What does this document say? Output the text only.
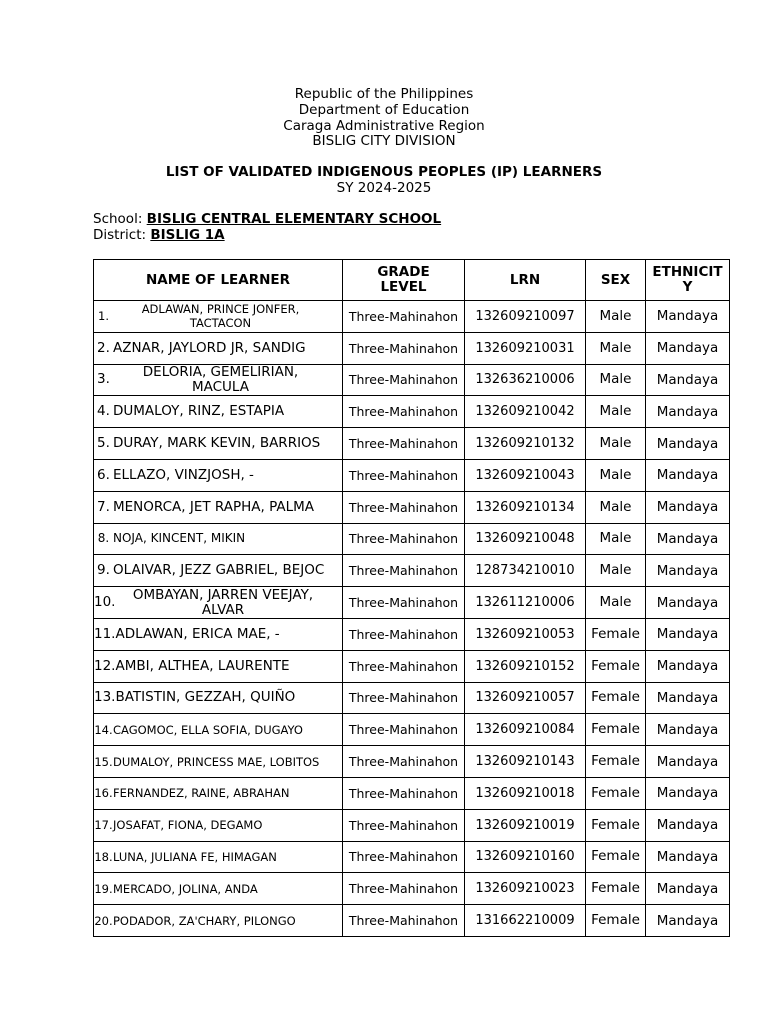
Republic of the Philippines
Department of Education
Caraga Administrative Region
BISLIG CITY DIVISION
LIST OF VALIDATED INDIGENOUS PEOPLES (IP) LEARNERS
SY 2024-2025
School: BISLIG CENTRAL ELEMENTARY SCHOOL
District: BISLIG 1A
NAME OF LEARNER	GRADE LEVEL	LRN	SEX	ETHNICITY

1. ADLAWAN, PRINCE JONFER, TACTACON	Three-Mahinahon	132609210097	Male	Mandaya

2. AZNAR, JAYLORD JR, SANDIG	Three-Mahinahon	132609210031	Male	Mandaya

3. DELORIA, GEMELIRIAN, MACULA	Three-Mahinahon	132636210006	Male	Mandaya

4. DUMALOY, RINZ, ESTAPIA	Three-Mahinahon	132609210042	Male	Mandaya

5. DURAY, MARK KEVIN, BARRIOS	Three-Mahinahon	132609210132	Male	Mandaya

6. ELLAZO, VINZJOSH, -	Three-Mahinahon	132609210043	Male	Mandaya

7. MENORCA, JET RAPHA, PALMA	Three-Mahinahon	132609210134	Male	Mandaya

8. NOJA, KINCENT, MIKIN	Three-Mahinahon	132609210048	Male	Mandaya

9. OLAIVAR, JEZZ GABRIEL, BEJOC	Three-Mahinahon	128734210010	Male	Mandaya

10. OMBAYAN, JARREN VEEJAY, ALVAR	Three-Mahinahon	132611210006	Male	Mandaya

11. ADLAWAN, ERICA MAE, -	Three-Mahinahon	132609210053	Female	Mandaya

12. AMBI, ALTHEA, LAURENTE	Three-Mahinahon	132609210152	Female	Mandaya

13. BATISTIN, GEZZAH, QUIÑO	Three-Mahinahon	132609210057	Female	Mandaya

14. CAGOMOC, ELLA SOFIA, DUGAYO	Three-Mahinahon	132609210084	Female	Mandaya

15. DUMALOY, PRINCESS MAE, LOBITOS	Three-Mahinahon	132609210143	Female	Mandaya

16. FERNANDEZ, RAINE, ABRAHAN	Three-Mahinahon	132609210018	Female	Mandaya

17. JOSAFAT, FIONA, DEGAMO	Three-Mahinahon	132609210019	Female	Mandaya

18. LUNA, JULIANA FE, HIMAGAN	Three-Mahinahon	132609210160	Female	Mandaya

19. MERCADO, JOLINA, ANDA	Three-Mahinahon	132609210023	Female	Mandaya

20. PODADOR, ZA'CHARY, PILONGO	Three-Mahinahon	131662210009	Female	Mandaya
